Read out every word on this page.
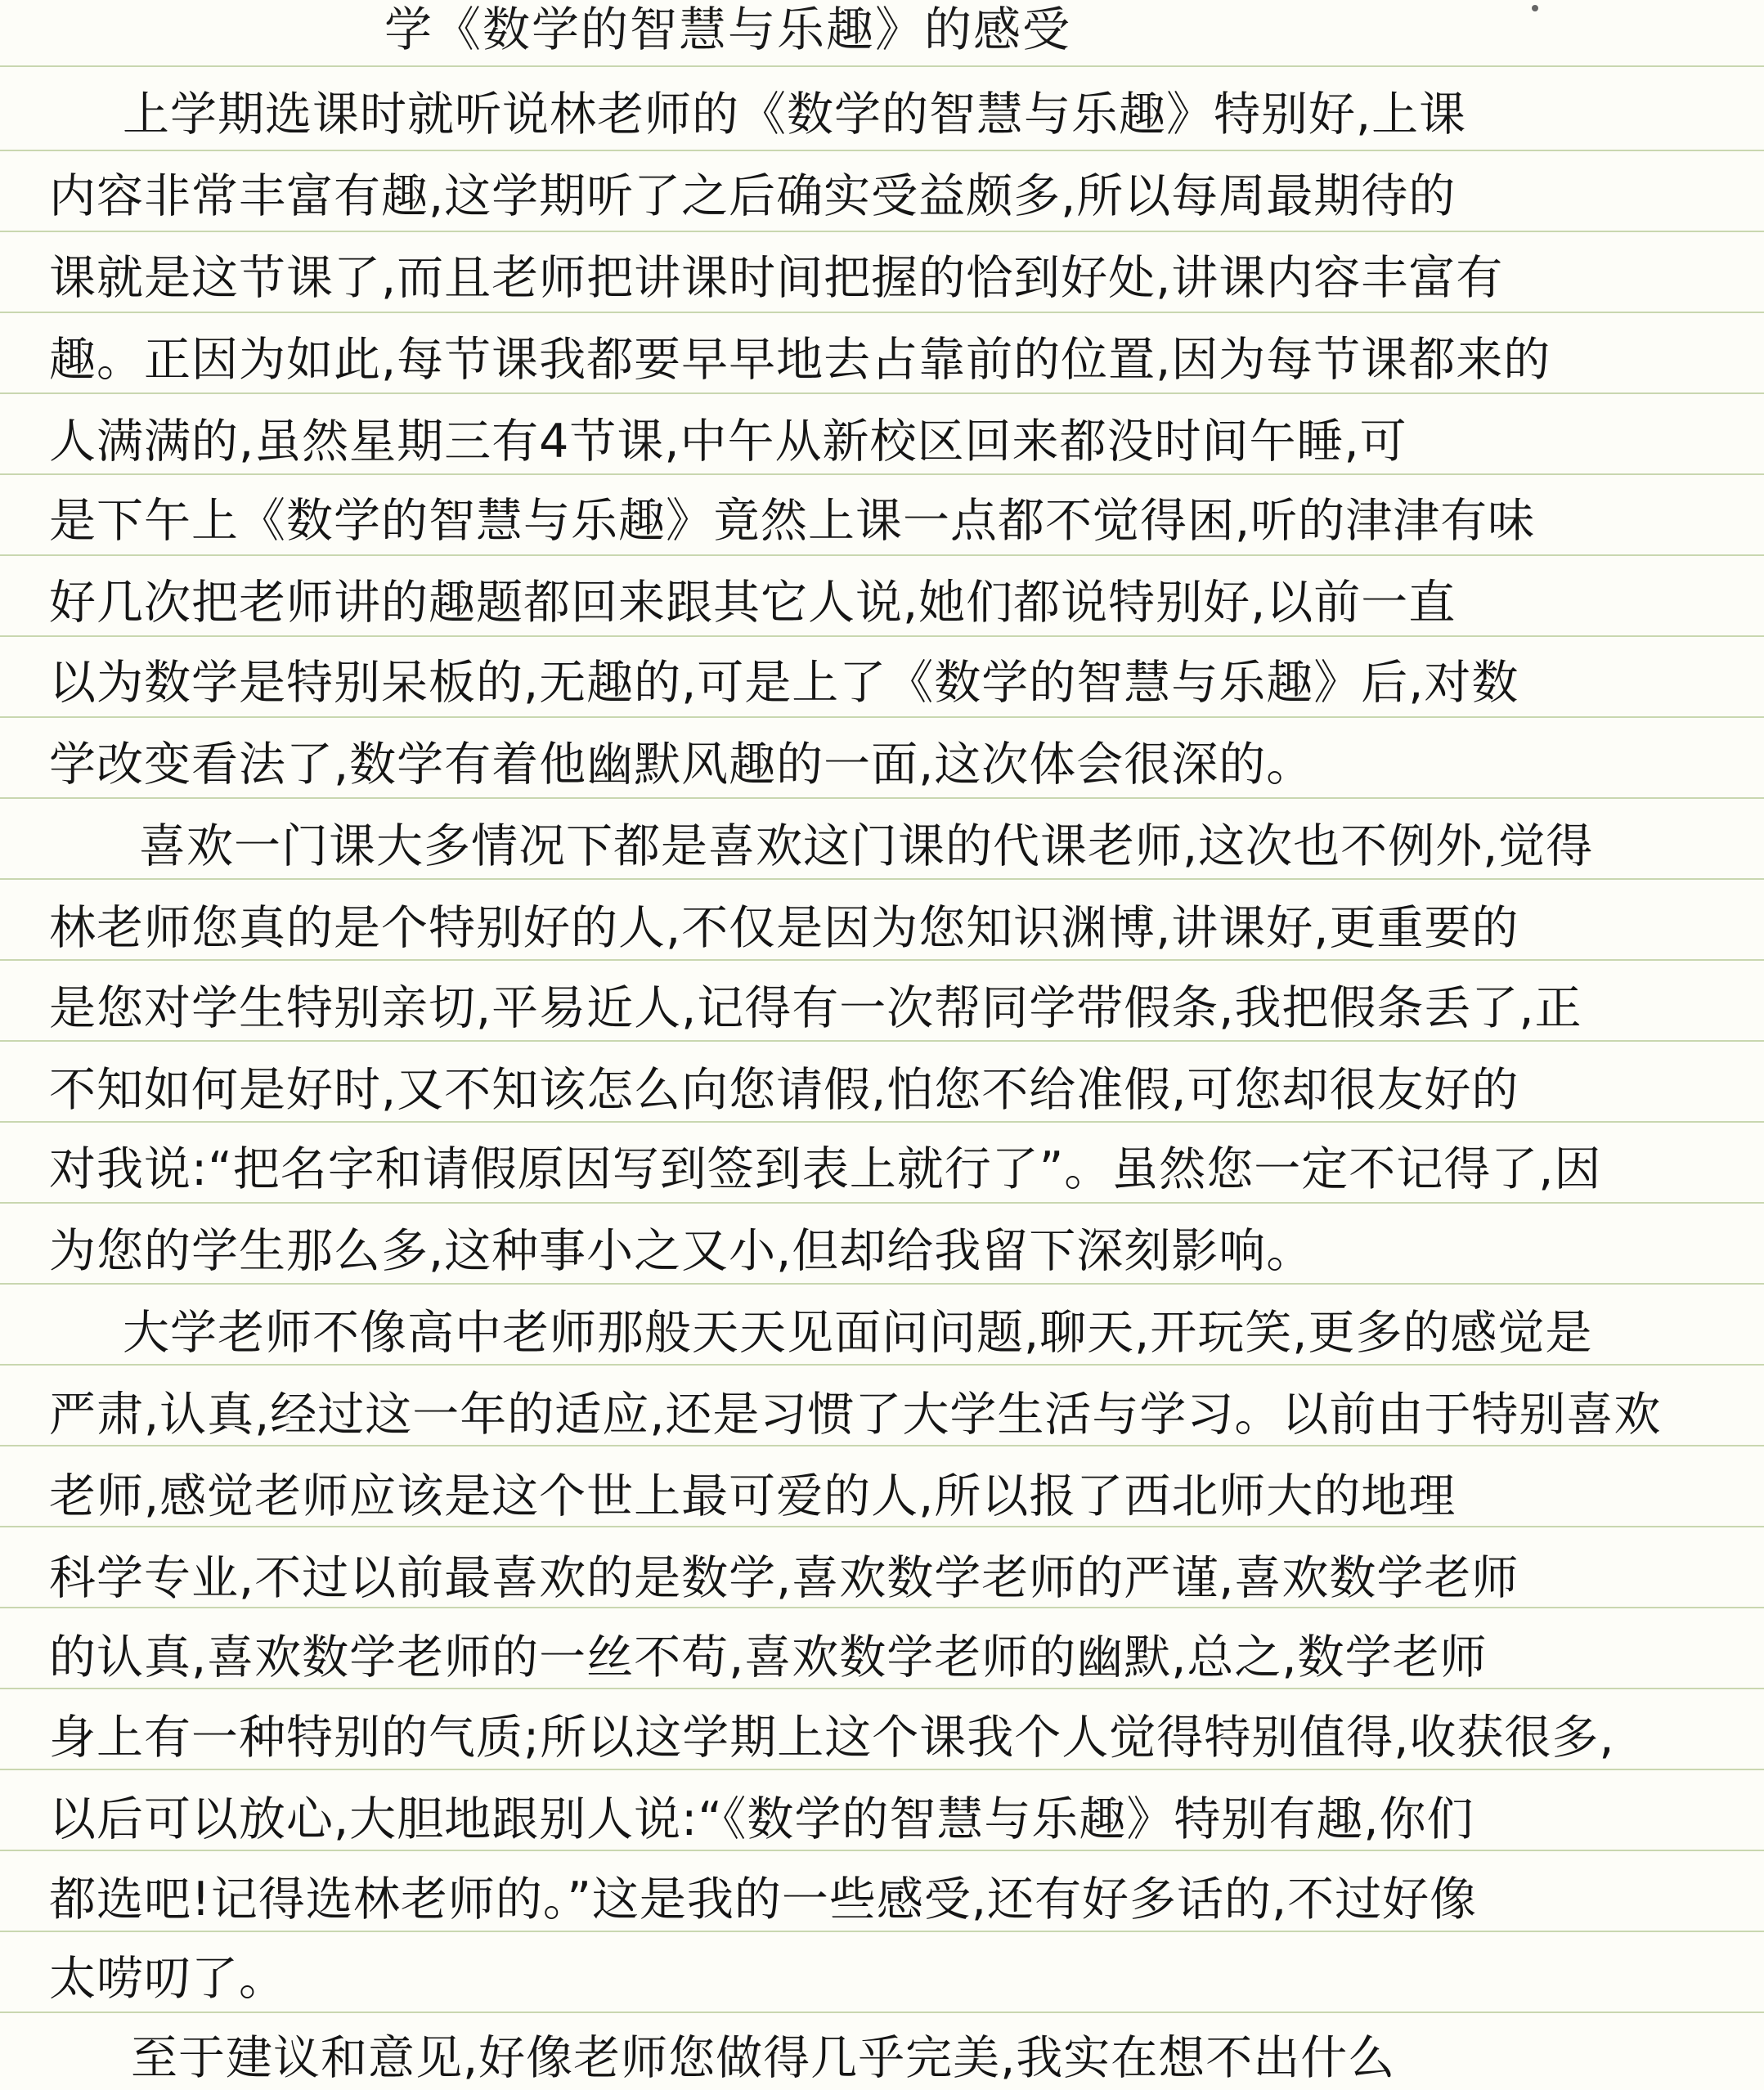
学《数学的智慧与乐趣》的感受
上学期选课时就听说林老师的《数学的智慧与乐趣》特别好,上课
内容非常丰富有趣,这学期听了之后确实受益颇多,所以每周最期待的
课就是这节课了,而且老师把讲课时间把握的恰到好处,讲课内容丰富有
趣。正因为如此,每节课我都要早早地去占靠前的位置,因为每节课都来的
人满满的,虽然星期三有4节课,中午从新校区回来都没时间午睡,可
是下午上《数学的智慧与乐趣》竟然上课一点都不觉得困,听的津津有味
好几次把老师讲的趣题都回来跟其它人说,她们都说特别好,以前一直
以为数学是特别呆板的,无趣的,可是上了《数学的智慧与乐趣》后,对数
学改变看法了,数学有着他幽默风趣的一面,这次体会很深的。
喜欢一门课大多情况下都是喜欢这门课的代课老师,这次也不例外,觉得
林老师您真的是个特别好的人,不仅是因为您知识渊博,讲课好,更重要的
是您对学生特别亲切,平易近人,记得有一次帮同学带假条,我把假条丢了,正
不知如何是好时,又不知该怎么向您请假,怕您不给准假,可您却很友好的
对我说:“把名字和请假原因写到签到表上就行了”。虽然您一定不记得了,因
为您的学生那么多,这种事小之又小,但却给我留下深刻影响。
大学老师不像高中老师那般天天见面问问题,聊天,开玩笑,更多的感觉是
严肃,认真,经过这一年的适应,还是习惯了大学生活与学习。以前由于特别喜欢
老师,感觉老师应该是这个世上最可爱的人,所以报了西北师大的地理
科学专业,不过以前最喜欢的是数学,喜欢数学老师的严谨,喜欢数学老师
的认真,喜欢数学老师的一丝不苟,喜欢数学老师的幽默,总之,数学老师
身上有一种特别的气质;所以这学期上这个课我个人觉得特别值得,收获很多,
以后可以放心,大胆地跟别人说:“《数学的智慧与乐趣》特别有趣,你们
都选吧!记得选林老师的。”这是我的一些感受,还有好多话的,不过好像
太唠叨了。
至于建议和意见,好像老师您做得几乎完美,我实在想不出什么
